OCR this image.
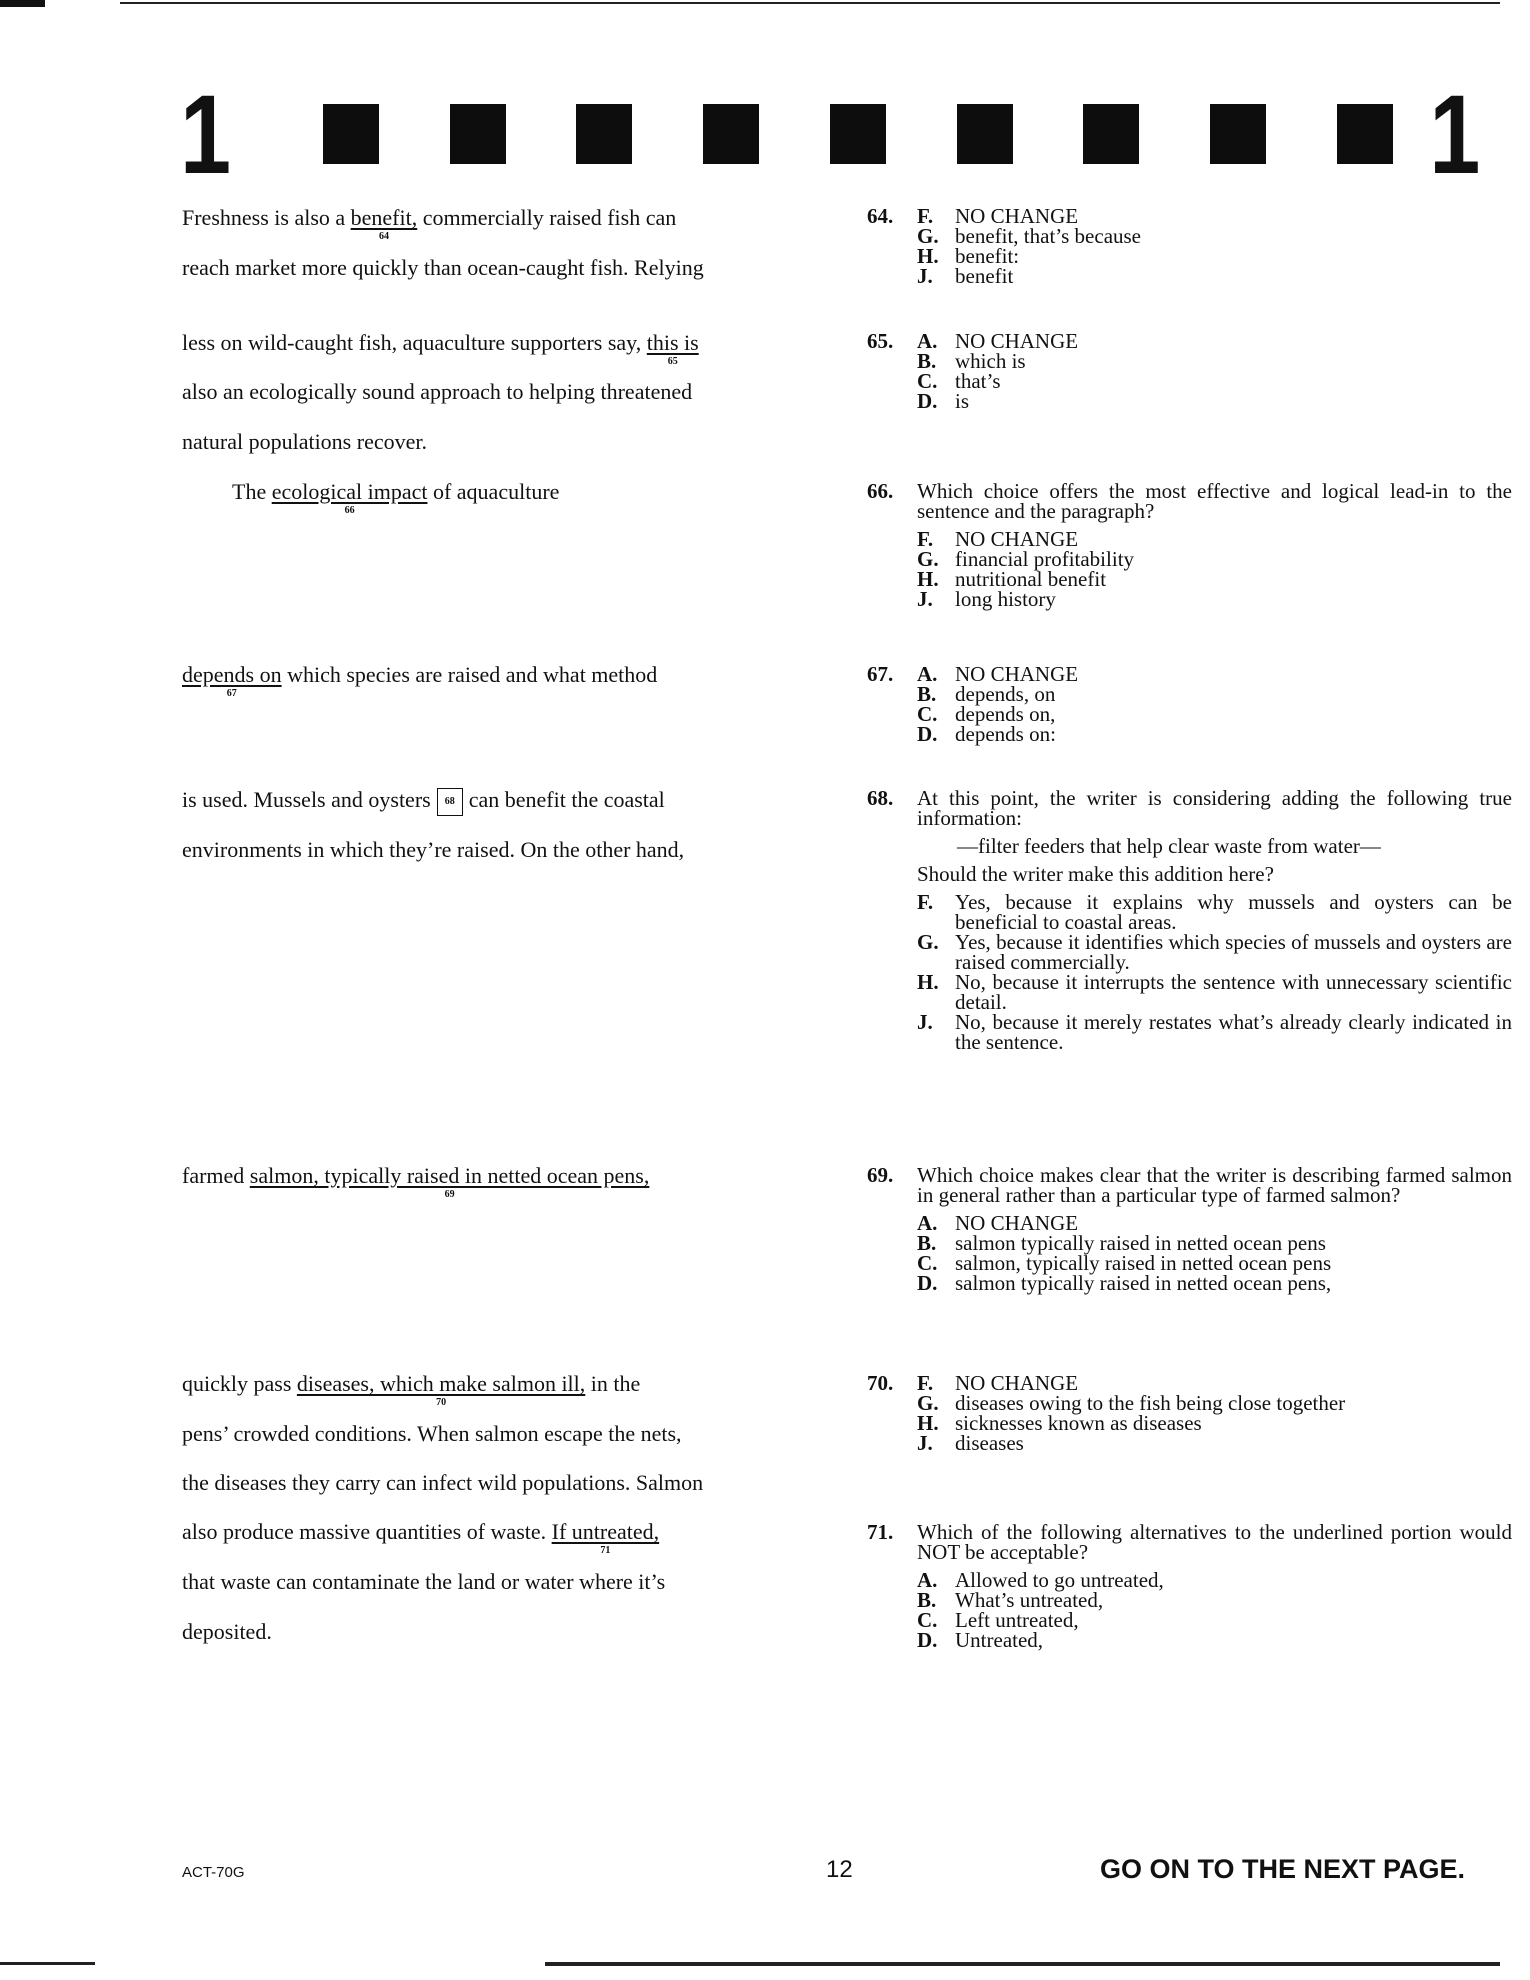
1	1
Freshness is also a benefit,
64
commercially raised fish can
reach market more quickly than ocean-caught fish. Relying
less on wild-caught fish, aquaculture supporters say, this is
65
also an ecologically sound approach to helping threatened
natural populations recover.
The ecological impact
66
of aquaculture
depends on
67
which species are raised and what method
is used. Mussels and oysters 68 can benefit the coastal
environments in which they’re raised. On the other hand,
farmed salmon, typically raised in netted ocean pens,
69
quickly pass diseases, which make salmon ill,
70
in the
pens’ crowded conditions. When salmon escape the nets,
the diseases they carry can infect wild populations. Salmon
also produce massive quantities of waste. If untreated,
71
that waste can contaminate the land or water where it’s
deposited.
64. F. NO CHANGE
G. benefit, that’s because
H. benefit:
J. benefit
65. A. NO CHANGE
B. which is
C. that’s
D. is
66. Which choice offers the most effective and logical lead-in to the sentence and the paragraph?

F. NO CHANGE
G. financial profitability
H. nutritional benefit
J. long history
67. A. NO CHANGE
B. depends, on
C. depends on,
D. depends on:
68. At this point, the writer is considering adding the following true information:

—filter feeders that help clear waste from water—

Should the writer make this addition here?

F. Yes, because it explains why mussels and oysters can be beneficial to coastal areas.
G. Yes, because it identifies which species of mussels and oysters are raised commercially.
H. No, because it interrupts the sentence with unnecessary scientific detail.
J. No, because it merely restates what’s already clearly indicated in the sentence.
69. Which choice makes clear that the writer is describing farmed salmon in general rather than a particular type of farmed salmon?

A. NO CHANGE
B. salmon typically raised in netted ocean pens
C. salmon, typically raised in netted ocean pens
D. salmon typically raised in netted ocean pens,
70. F. NO CHANGE
G. diseases owing to the fish being close together
H. sicknesses known as diseases
J. diseases
71. Which of the following alternatives to the underlined portion would NOT be acceptable?

A. Allowed to go untreated,
B. What’s untreated,
C. Left untreated,
D. Untreated,
ACT-70G	12	GO ON TO THE NEXT PAGE.
